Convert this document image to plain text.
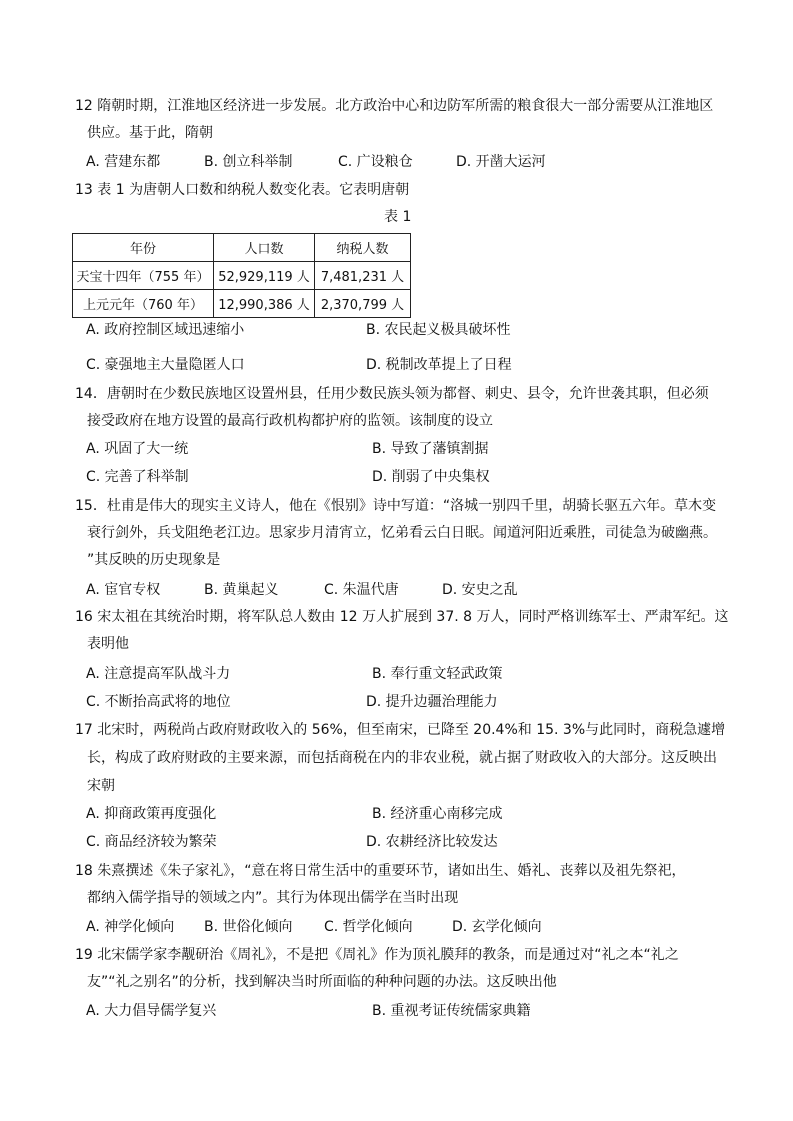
12 隋朝时期，江淮地区经济进一步发展。北方政治中心和边防军所需的粮食很大一部分需要从江淮地区
供应。基于此，隋朝
A. 营建东都	B. 创立科举制	C. 广设粮仓	D. 开凿大运河
13 表 1 为唐朝人口数和纳税人数变化表。它表明唐朝
表 1
年份	人口数	纳税人数
天宝十四年（755 年）	52,929,119 人	7,481,231 人
上元元年（760 年）	12,990,386 人	2,370,799 人
A. 政府控制区域迅速缩小	B. 农民起义极具破坏性
C. 豪强地主大量隐匿人口	D. 税制改革提上了日程
14．唐朝时在少数民族地区设置州县，任用少数民族头领为都督、刺史、县令，允许世袭其职，但必须
接受政府在地方设置的最高行政机构都护府的监领。该制度的设立
A. 巩固了大一统	B. 导致了藩镇割据
C. 完善了科举制	D. 削弱了中央集权
15．杜甫是伟大的现实主义诗人，他在《恨别》诗中写道：“洛城一别四千里，胡骑长驱五六年。草木变
衰行剑外，兵戈阻绝老江边。思家步月清宵立，忆弟看云白日眠。闻道河阳近乘胜，司徒急为破幽燕。
”其反映的历史现象是
A. 宦官专权	B. 黄巢起义	C. 朱温代唐	D. 安史之乱
16 宋太祖在其统治时期，将军队总人数由 12 万人扩展到 37. 8 万人，同时严格训练军士、严肃军纪。这
表明他
A. 注意提高军队战斗力	B. 奉行重文轻武政策
C. 不断抬高武将的地位	D. 提升边疆治理能力
17 北宋时，两税尚占政府财政收入的 56%，但至南宋，已降至 20.4%和 15. 3%与此同时，商税急遽增
长，构成了政府财政的主要来源，而包括商税在内的非农业税，就占据了财政收入的大部分。这反映出
宋朝
A. 抑商政策再度强化	B. 经济重心南移完成
C. 商品经济较为繁荣	D. 农耕经济比较发达
18 朱熹撰述《朱子家礼》，“意在将日常生活中的重要环节，诸如出生、婚礼、丧葬以及祖先祭祀，
都纳入儒学指导的领域之内”。其行为体现出儒学在当时出现
A. 神学化倾向 B. 世俗化倾向 C. 哲学化倾向	D. 玄学化倾向
19 北宋儒学家李觏研治《周礼》，不是把《周礼》作为顶礼膜拜的教条，而是通过对“礼之本“礼之
友”“礼之别名”的分析，找到解决当时所面临的种种问题的办法。这反映出他
A. 大力倡导儒学复兴	B. 重视考证传统儒家典籍
